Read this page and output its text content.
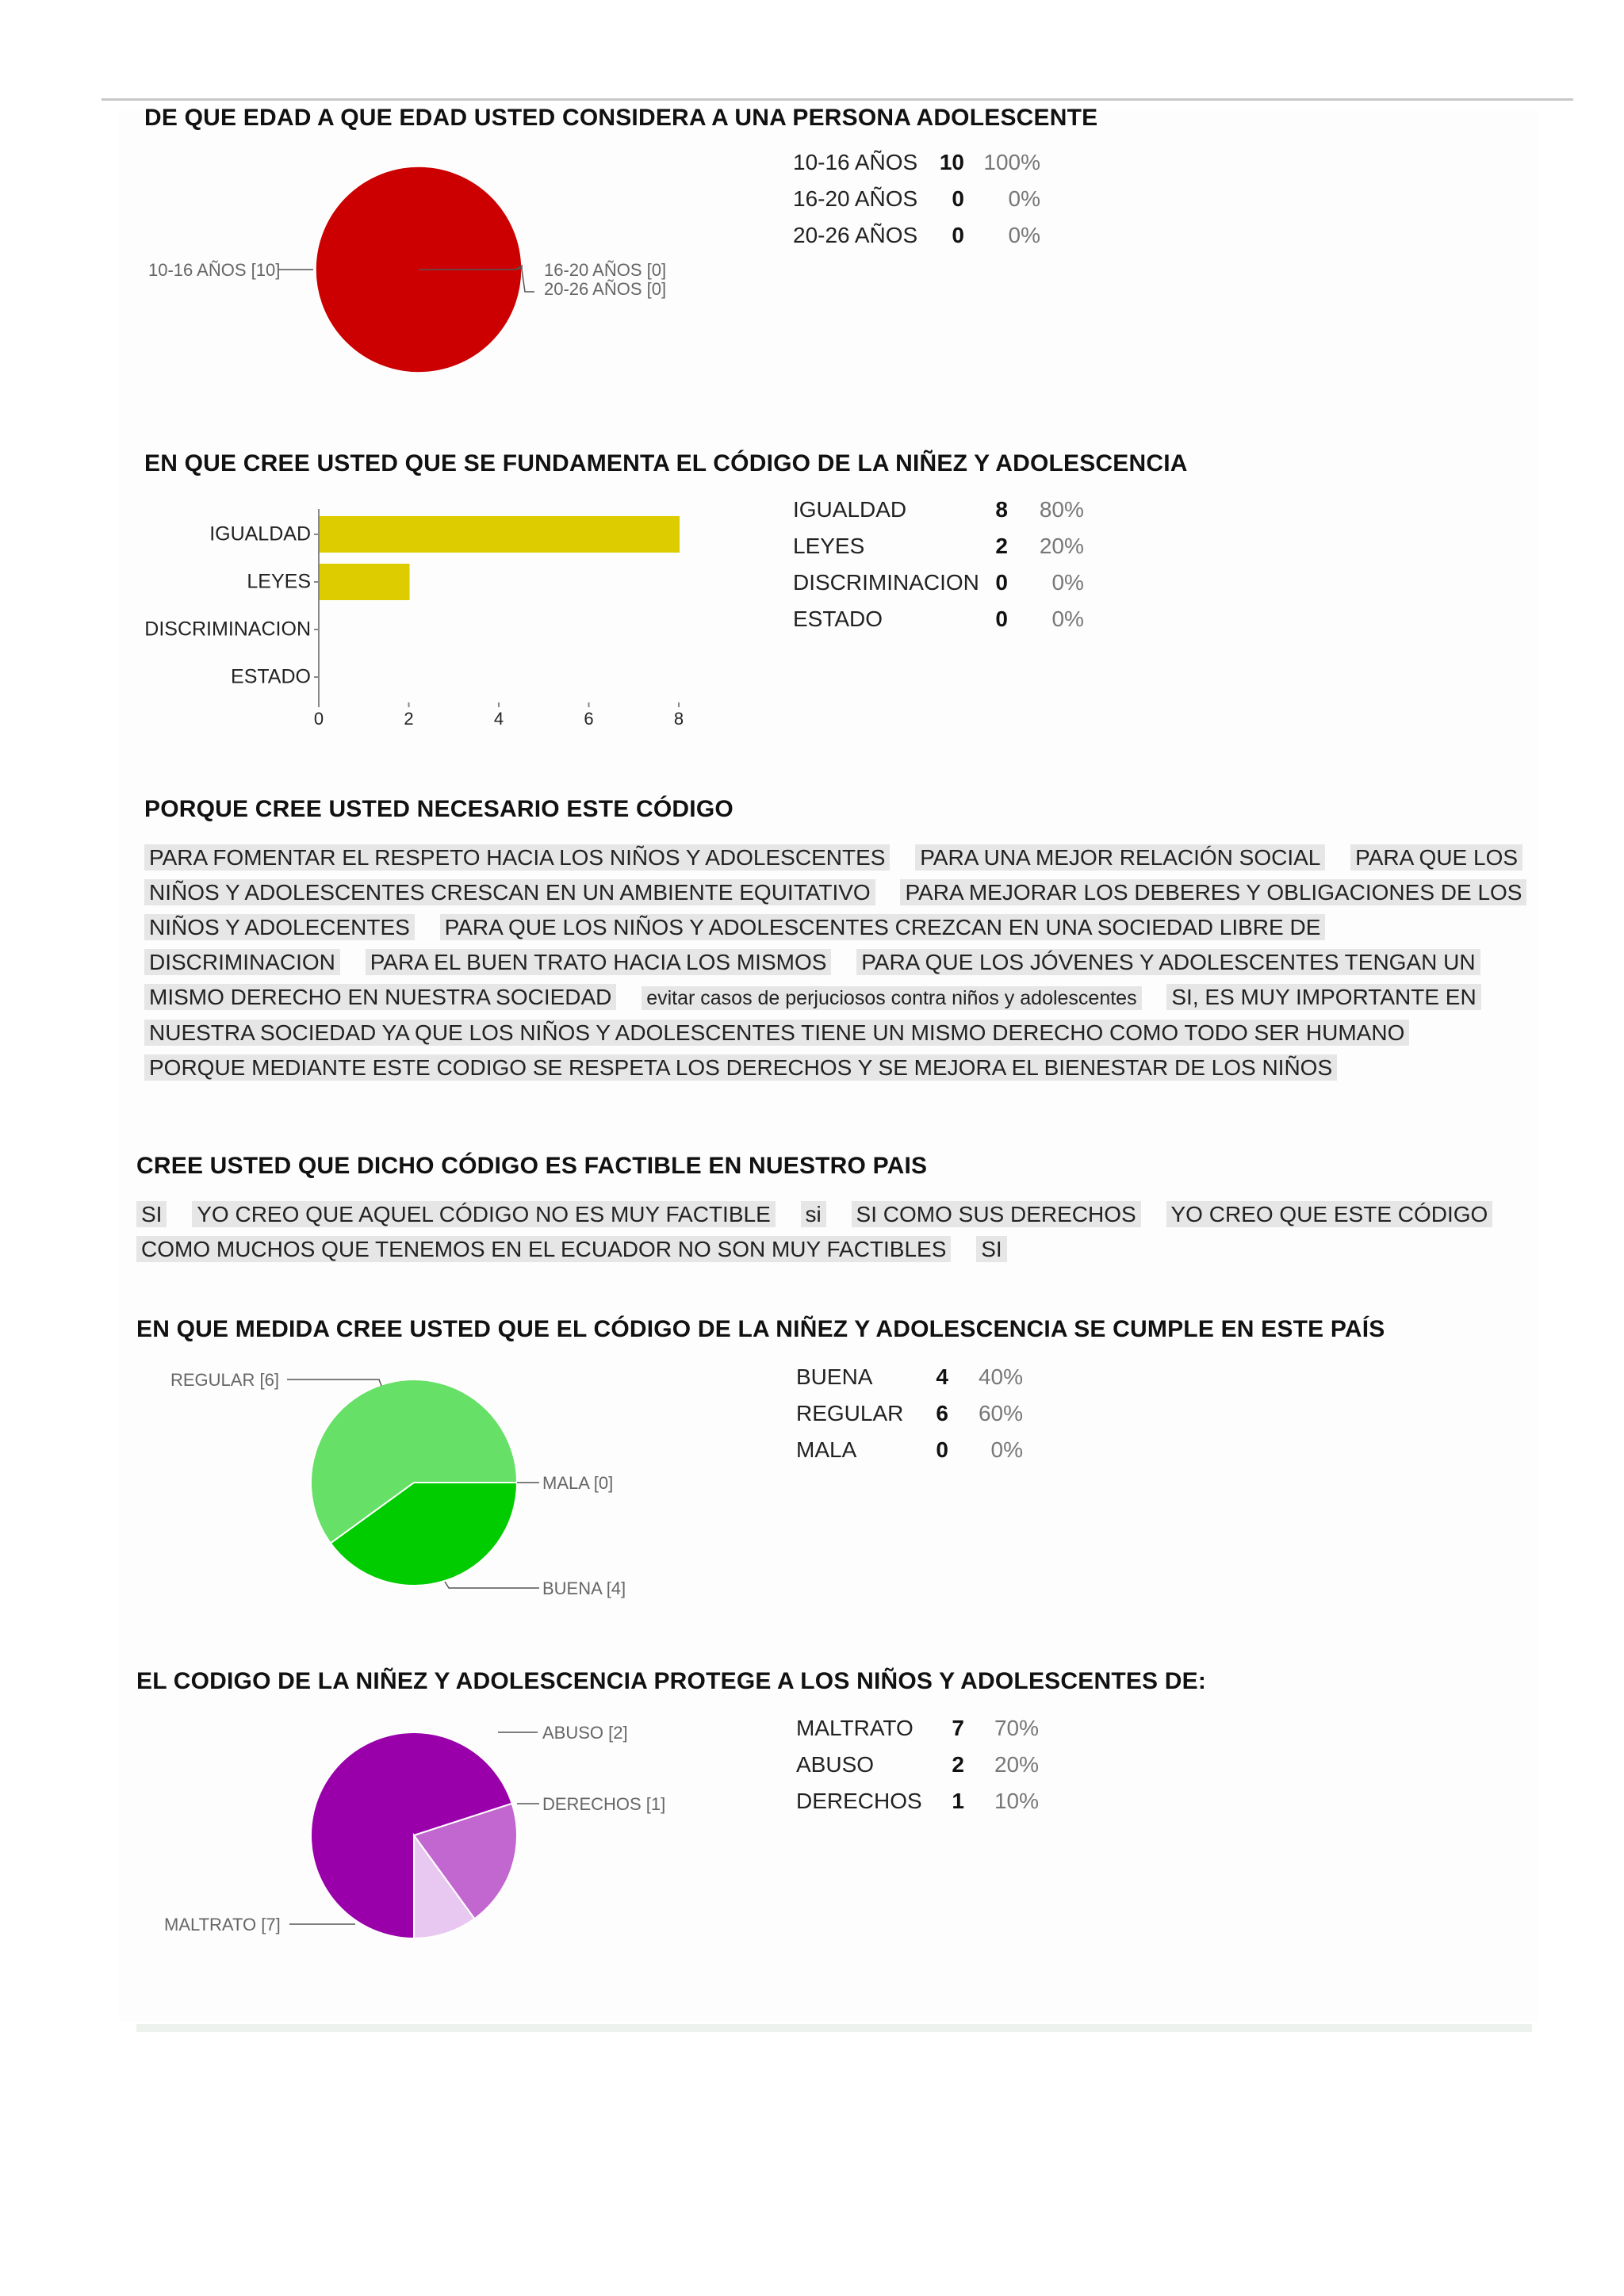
DE QUE EDAD A QUE EDAD USTED CONSIDERA A UNA PERSONA ADOLESCENTE
10-16 AÑOS [10]	16-20 AÑOS [0]
20-26 AÑOS [0]
10-16 AÑOS	10	100%
16-20 AÑOS	0	0%
20-26 AÑOS	0	0%
EN QUE CREE USTED QUE SE FUNDAMENTA EL CÓDIGO DE LA NIÑEZ Y ADOLESCENCIA
IGUALDAD
LEYES
DISCRIMINACION
ESTADO
0	2	4	6	8
IGUALDAD	8	80%
LEYES	2	20%
DISCRIMINACION	0	0%
ESTADO	0	0%
PORQUE CREE USTED NECESARIO ESTE CÓDIGO
PARA FOMENTAR EL RESPETO HACIA LOS NIÑOS Y ADOLESCENTES PARA UNA MEJOR RELACIÓN SOCIAL PARA QUE LOS NIÑOS Y ADOLESCENTES CRESCAN EN UN AMBIENTE EQUITATIVO PARA MEJORAR LOS DEBERES Y OBLIGACIONES DE LOS NIÑOS Y ADOLECENTES PARA QUE LOS NIÑOS Y ADOLESCENTES CREZCAN EN UNA SOCIEDAD LIBRE DE DISCRIMINACION PARA EL BUEN TRATO HACIA LOS MISMOS PARA QUE LOS JÓVENES Y ADOLESCENTES TENGAN UN MISMO DERECHO EN NUESTRA SOCIEDAD evitar casos de perjuciosos contra niños y adolescentes SI, ES MUY IMPORTANTE EN NUESTRA SOCIEDAD YA QUE LOS NIÑOS Y ADOLESCENTES TIENE UN MISMO DERECHO COMO TODO SER HUMANO PORQUE MEDIANTE ESTE CODIGO SE RESPETA LOS DERECHOS Y SE MEJORA EL BIENESTAR DE LOS NIÑOS
CREE USTED QUE DICHO CÓDIGO ES FACTIBLE EN NUESTRO PAIS
SI YO CREO QUE AQUEL CÓDIGO NO ES MUY FACTIBLE si SI COMO SUS DERECHOS YO CREO QUE ESTE CÓDIGO COMO MUCHOS QUE TENEMOS EN EL ECUADOR NO SON MUY FACTIBLES SI
EN QUE MEDIDA CREE USTED QUE EL CÓDIGO DE LA NIÑEZ Y ADOLESCENCIA SE CUMPLE EN ESTE PAÍS
REGULAR [6]
MALA [0]
BUENA [4]
BUENA	4	40%
REGULAR	6	60%
MALA	0	0%
EL CODIGO DE LA NIÑEZ Y ADOLESCENCIA PROTEGE A LOS NIÑOS Y ADOLESCENTES DE:
ABUSO [2]
DERECHOS [1]
MALTRATO [7]
MALTRATO	7	70%
ABUSO	2	20%
DERECHOS	1	10%
